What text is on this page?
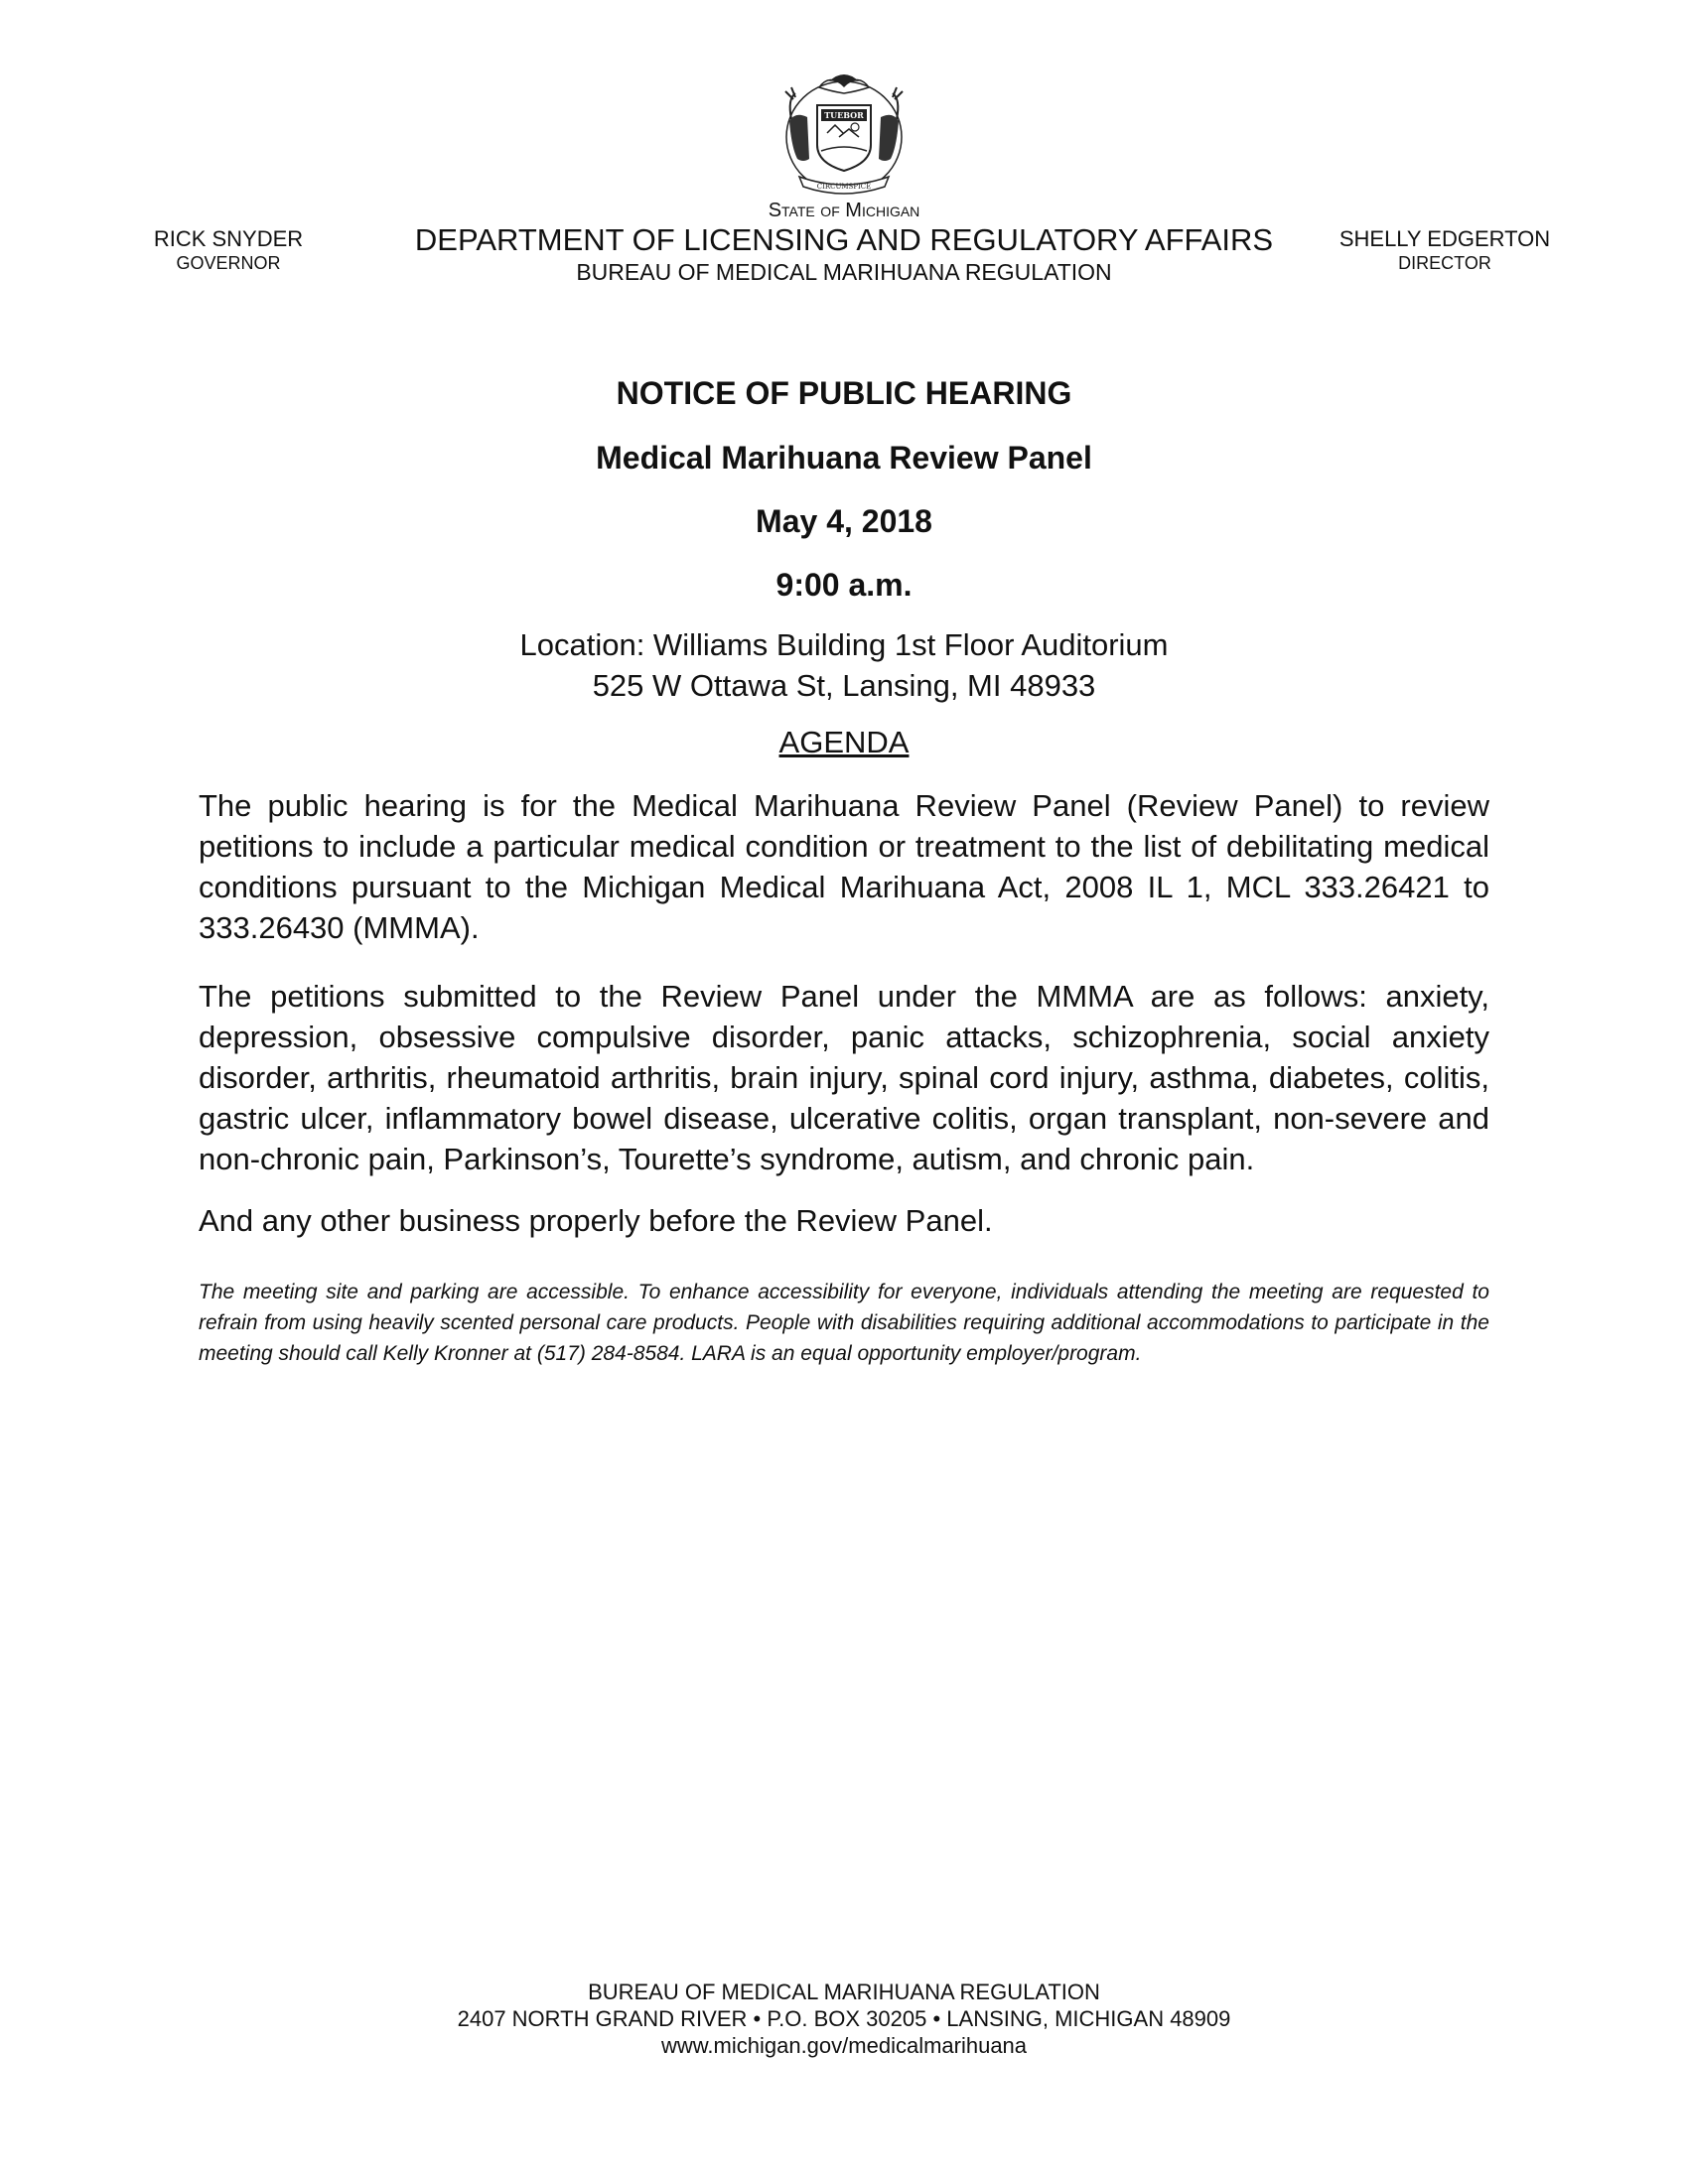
TUEBOR
CIRCUMSPICE
RICK SNYDER
GOVERNOR
State of Michigan
DEPARTMENT OF LICENSING AND REGULATORY AFFAIRS
BUREAU OF MEDICAL MARIHUANA REGULATION
SHELLY EDGERTON
DIRECTOR
NOTICE OF PUBLIC HEARING
Medical Marihuana Review Panel
May 4, 2018
9:00 a.m.
Location: Williams Building 1st Floor Auditorium
525 W Ottawa St, Lansing, MI 48933
AGENDA
The public hearing is for the Medical Marihuana Review Panel (Review Panel) to review petitions to include a particular medical condition or treatment to the list of debilitating medical conditions pursuant to the Michigan Medical Marihuana Act, 2008 IL 1, MCL 333.26421 to 333.26430 (MMMA).
The petitions submitted to the Review Panel under the MMMA are as follows: anxiety, depression, obsessive compulsive disorder, panic attacks, schizophrenia, social anxiety disorder, arthritis, rheumatoid arthritis, brain injury, spinal cord injury, asthma, diabetes, colitis, gastric ulcer, inflammatory bowel disease, ulcerative colitis, organ transplant, non-severe and non-chronic pain, Parkinson’s, Tourette’s syndrome, autism, and chronic pain.
And any other business properly before the Review Panel.
The meeting site and parking are accessible. To enhance accessibility for everyone, individuals attending the meeting are requested to refrain from using heavily scented personal care products. People with disabilities requiring additional accommodations to participate in the meeting should call Kelly Kronner at (517) 284-8584. LARA is an equal opportunity employer/program.
BUREAU OF MEDICAL MARIHUANA REGULATION
2407 NORTH GRAND RIVER • P.O. BOX 30205 • LANSING, MICHIGAN 48909
www.michigan.gov/medicalmarihuana
